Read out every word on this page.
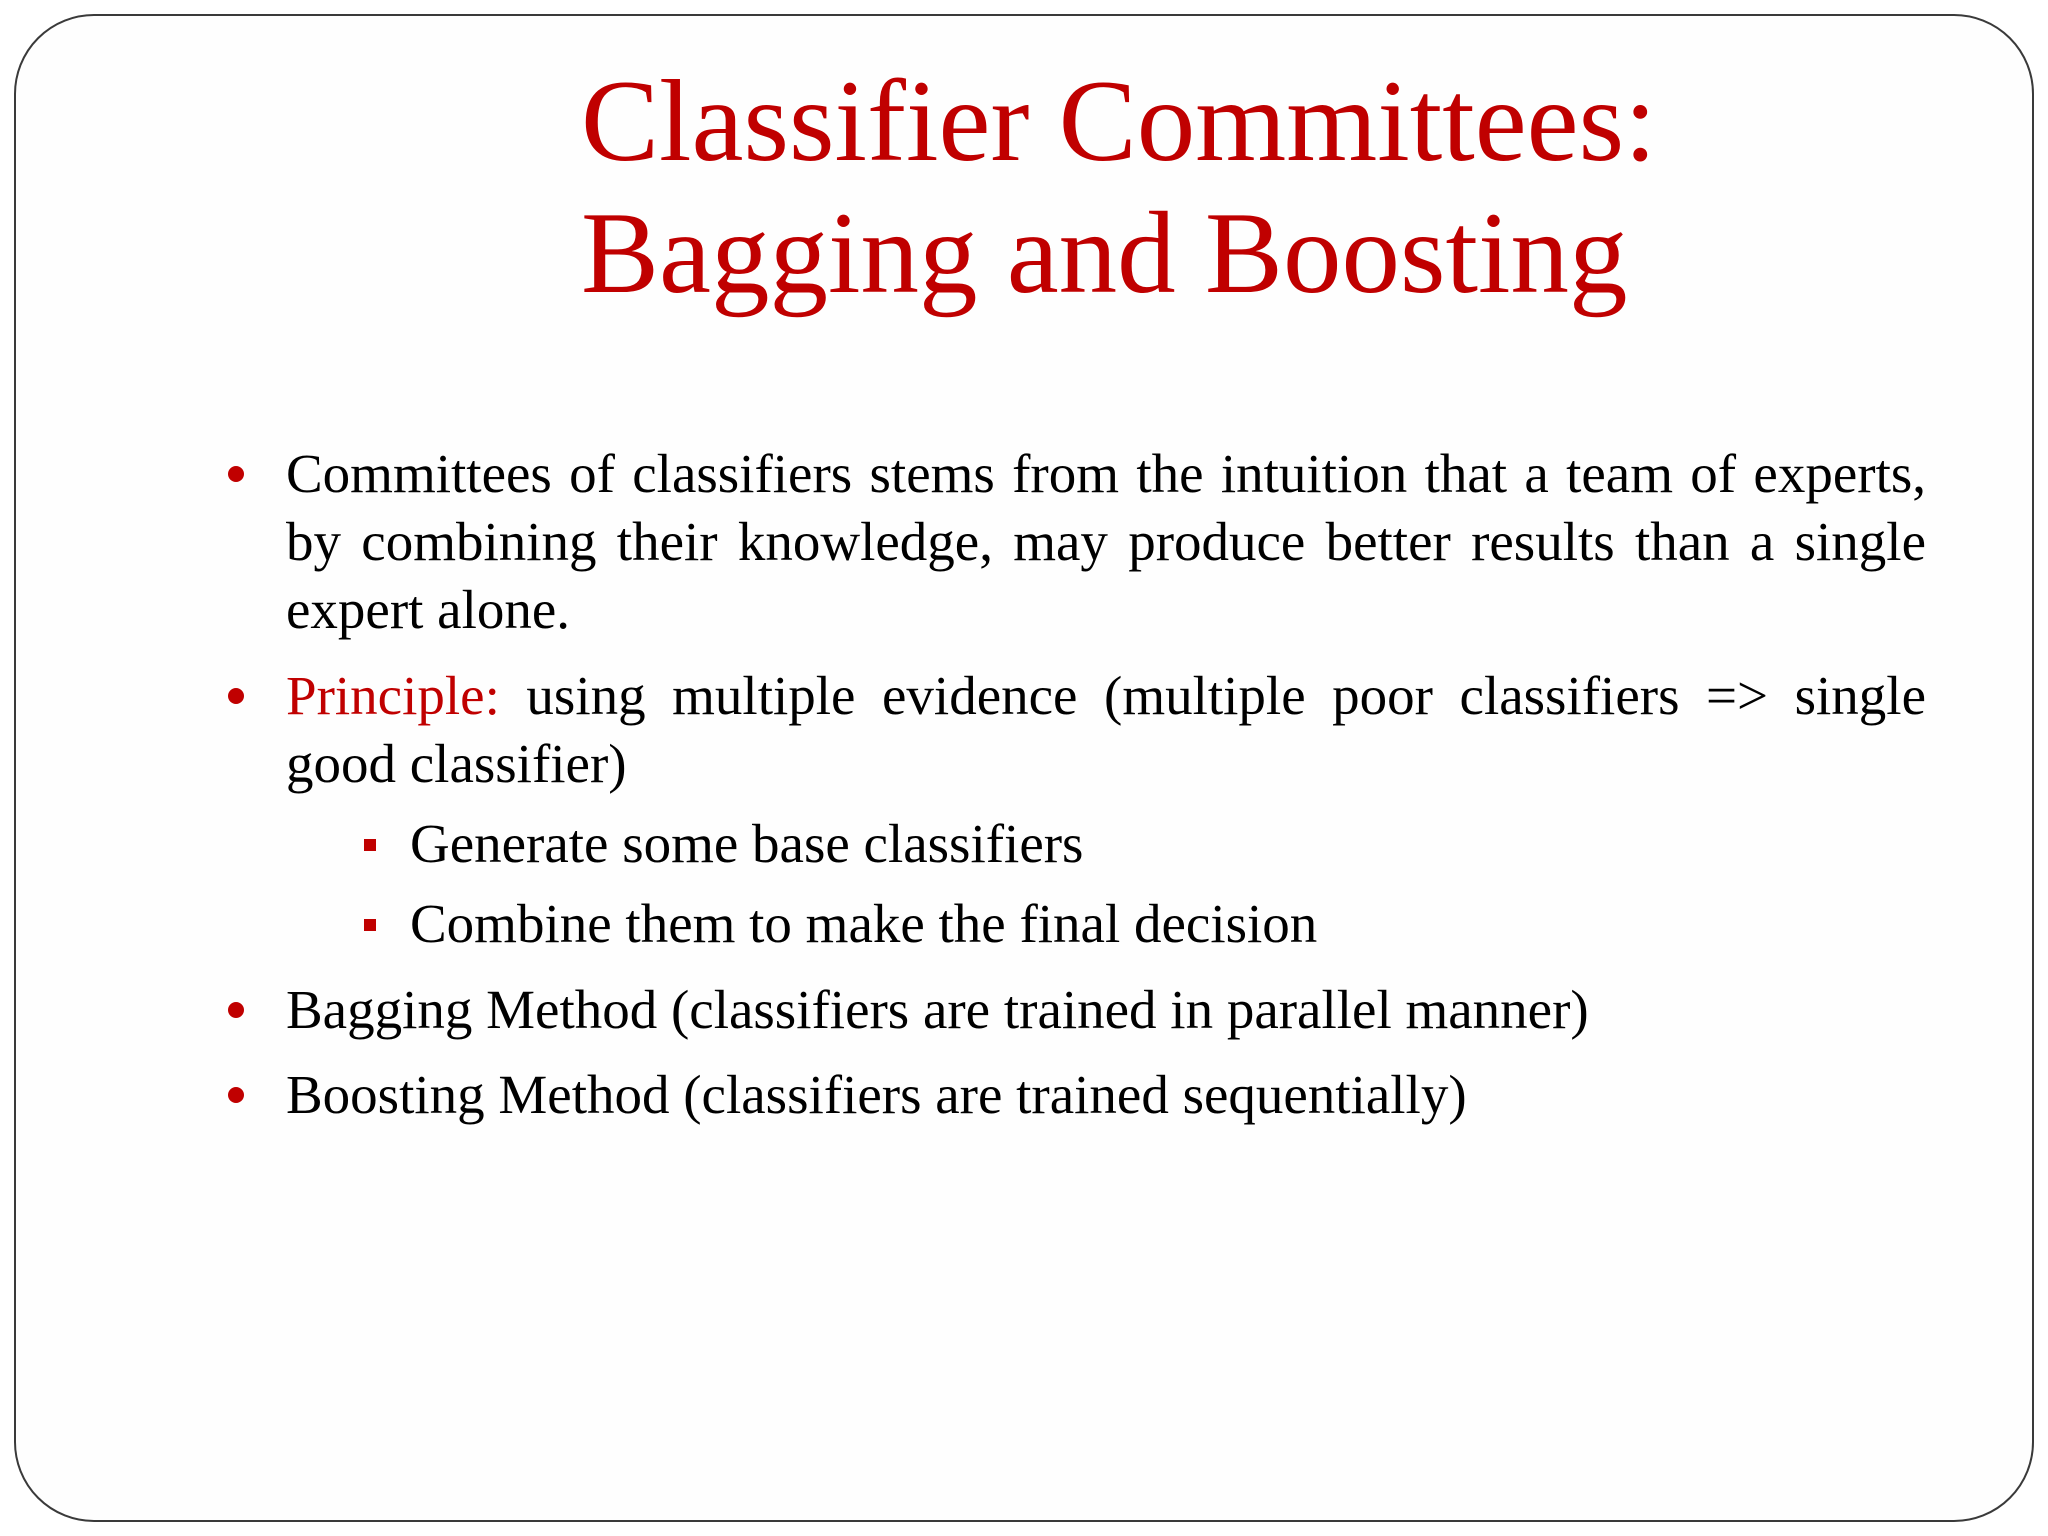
Classifier Committees:
Bagging and Boosting
Committees of classifiers stems from the intuition that a team of experts, by combining their knowledge, may produce better results than a single expert alone.
Principle: using multiple evidence (multiple poor classifiers => single good classifier)
Generate some base classifiers
Combine them to make the final decision
Bagging Method (classifiers are trained in parallel manner)
Boosting Method (classifiers are trained sequentially)
